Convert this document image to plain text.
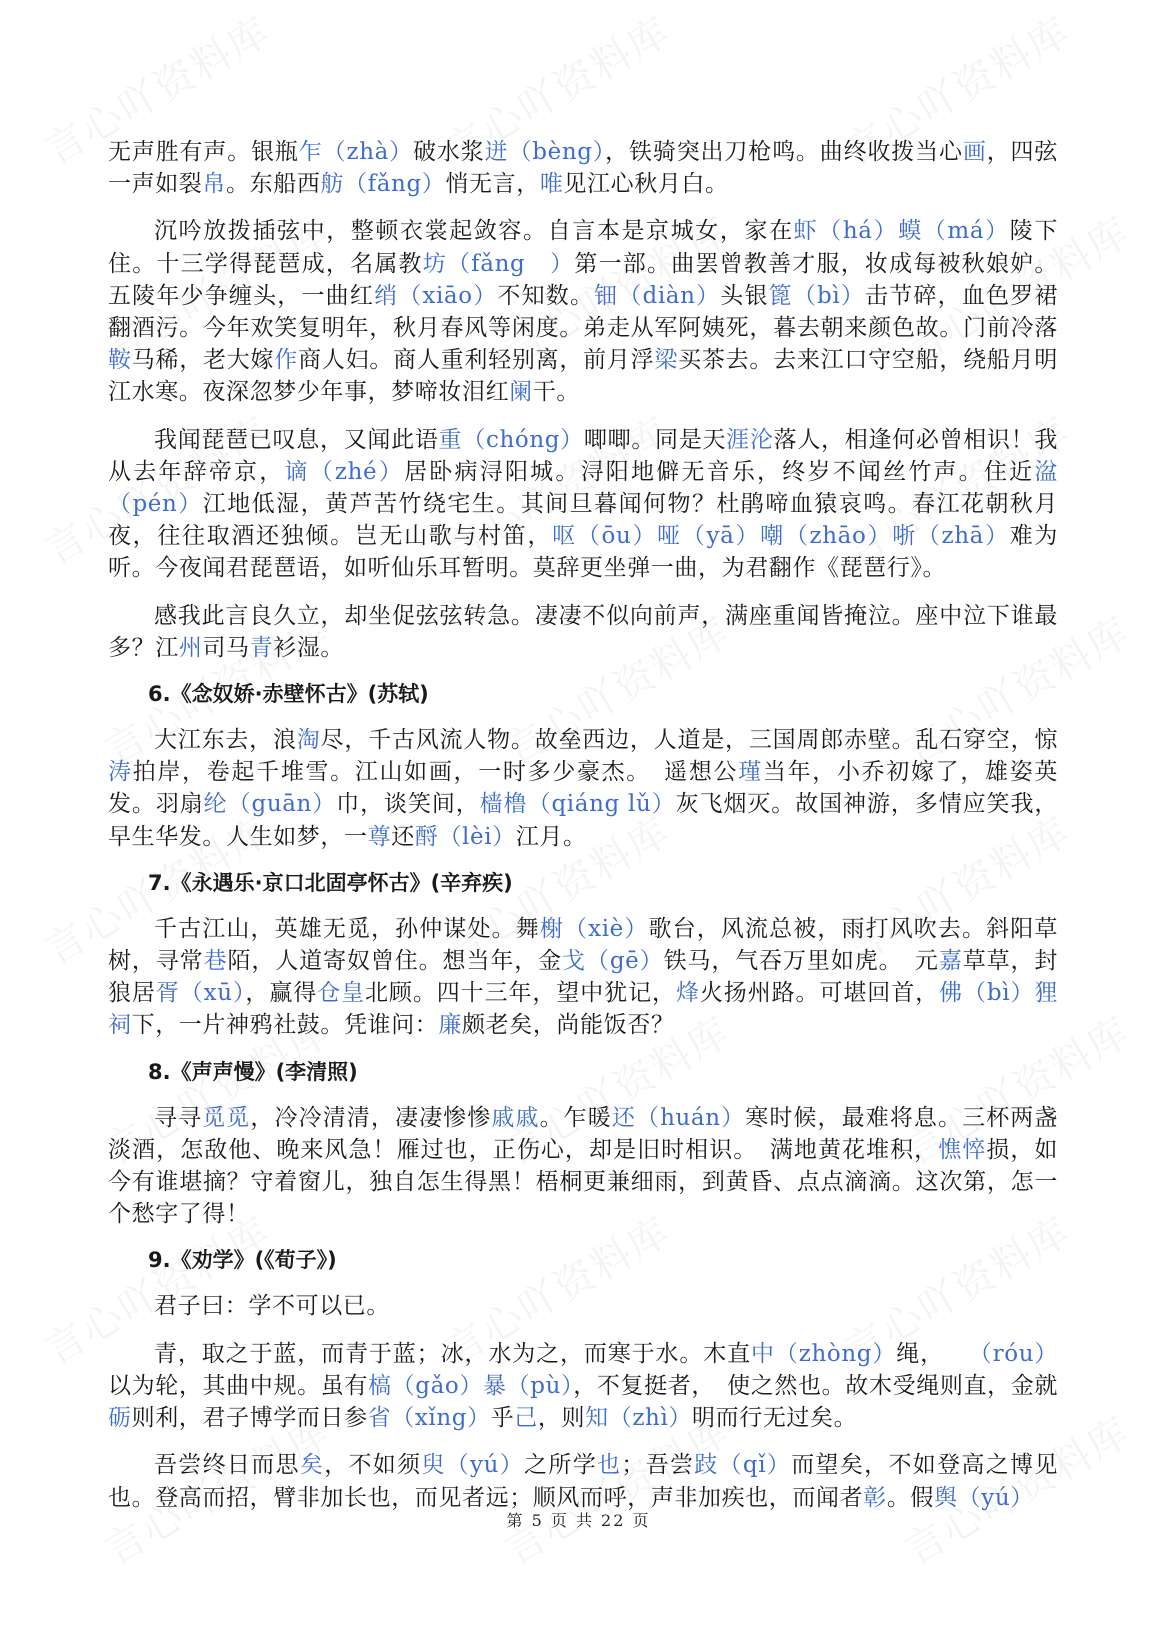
无声胜有声。银瓶乍（zhà）破水浆迸（bèng），铁骑突出刀枪鸣。曲终收拨当心画，四弦一声如裂帛。东船西舫（fǎng）悄无言，唯见江心秋月白。

沉吟放拨插弦中，整顿衣裳起敛容。自言本是京城女，家在虾（há）蟆（má）陵下住。十三学得琵琶成，名属教坊（fǎng　）第一部。曲罢曾教善才服，妆成每被秋娘妒。五陵年少争缠头，一曲红绡（xiāo）不知数。钿（diàn）头银篦（bì）击节碎，血色罗裙翻酒污。今年欢笑复明年，秋月春风等闲度。弟走从军阿姨死，暮去朝来颜色故。门前冷落鞍马稀，老大嫁作商人妇。商人重利轻别离，前月浮梁买茶去。去来江口守空船，绕船月明江水寒。夜深忽梦少年事，梦啼妆泪红阑干。

我闻琵琶已叹息，又闻此语重（chóng）唧唧。同是天涯沦落人，相逢何必曾相识！我从去年辞帝京，谪（zhé）居卧病浔阳城。浔阳地僻无音乐，终岁不闻丝竹声。住近湓（pén）江地低湿，黄芦苦竹绕宅生。其间旦暮闻何物？杜鹃啼血猿哀鸣。春江花朝秋月夜，往往取酒还独倾。岂无山歌与村笛，呕（ōu）哑（yā）嘲（zhāo）哳（zhā）难为听。今夜闻君琵琶语，如听仙乐耳暂明。莫辞更坐弹一曲，为君翻作《琵琶行》。

感我此言良久立，却坐促弦弦转急。凄凄不似向前声，满座重闻皆掩泣。座中泣下谁最多？江州司马青衫湿。

6.《念奴娇·赤壁怀古》(苏轼)

大江东去，浪淘尽，千古风流人物。故垒西边，人道是，三国周郎赤壁。乱石穿空，惊涛拍岸，卷起千堆雪。江山如画，一时多少豪杰。　遥想公瑾当年，小乔初嫁了，雄姿英发。羽扇纶（guān）巾，谈笑间，樯橹（qiáng lǔ）灰飞烟灭。故国神游，多情应笑我，早生华发。人生如梦，一尊还酹（lèi）江月。

7.《永遇乐·京口北固亭怀古》(辛弃疾)

千古江山，英雄无觅，孙仲谋处。舞榭（xiè）歌台，风流总被，雨打风吹去。斜阳草树，寻常巷陌，人道寄奴曾住。想当年，金戈（gē）铁马，气吞万里如虎。　元嘉草草，封狼居胥（xū），赢得仓皇北顾。四十三年，望中犹记，烽火扬州路。可堪回首，佛（bì）狸祠下，一片神鸦社鼓。凭谁问：廉颇老矣，尚能饭否？

8.《声声慢》(李清照)

寻寻觅觅，冷冷清清，凄凄惨惨戚戚。乍暖还（huán）寒时候，最难将息。三杯两盏淡酒，怎敌他、晚来风急！雁过也，正伤心，却是旧时相识。　满地黄花堆积，憔悴损，如今有谁堪摘？守着窗儿，独自怎生得黑！梧桐更兼细雨，到黄昏、点点滴滴。这次第，怎一个愁字了得！

9.《劝学》(《荀子》)

君子曰：学不可以已。

青，取之于蓝，而青于蓝；冰，水为之，而寒于水。木直中（zhòng）绳，　　（róu）以为轮，其曲中规。虽有槁（gǎo）暴（pù），不复挺者，　使之然也。故木受绳则直，金就砺则利，君子博学而日参省（xǐng）乎己，则知（zhì）明而行无过矣。

吾尝终日而思矣，不如须臾（yú）之所学也；吾尝跂（qǐ）而望矣，不如登高之博见也。登高而招，臂非加长也，而见者远；顺风而呼，声非加疾也，而闻者彰。假舆（yú）

第 5 页 共 22 页
